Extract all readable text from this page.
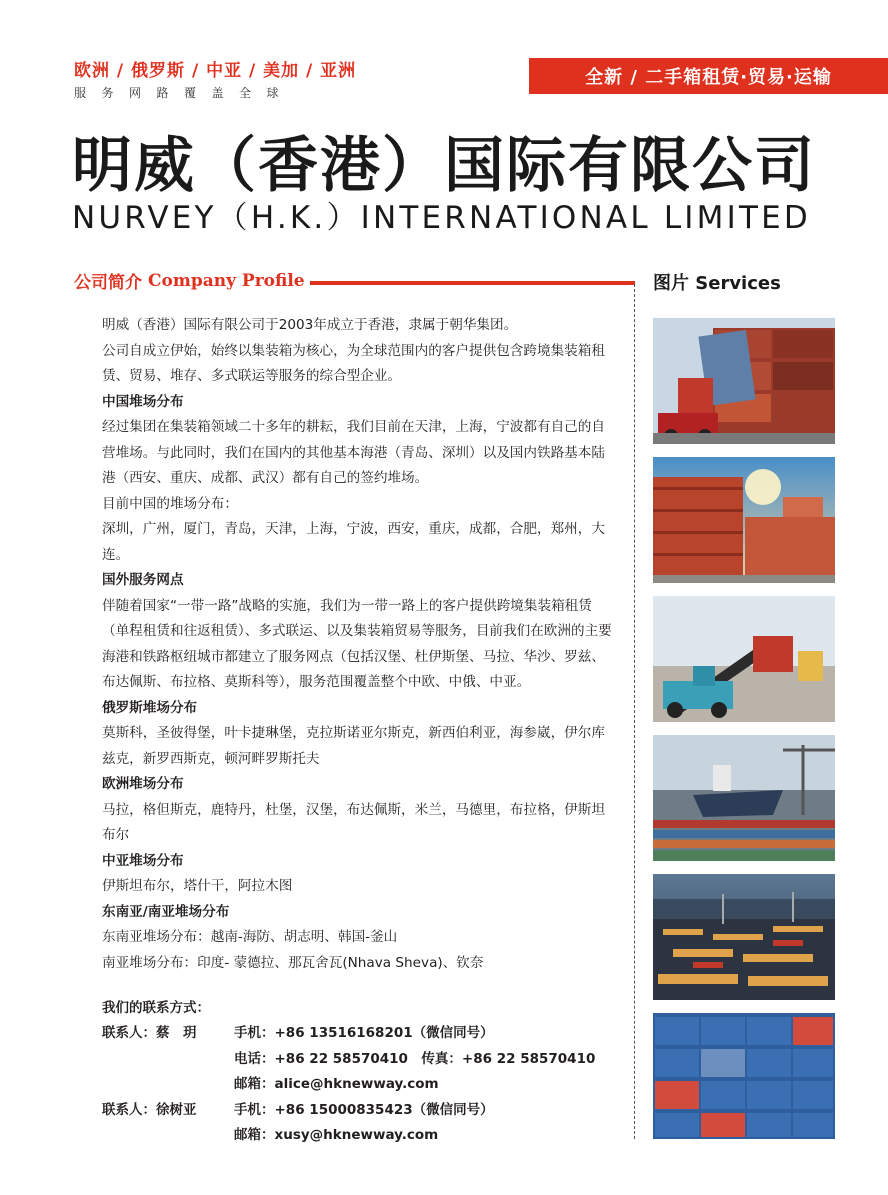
欧洲 / 俄罗斯 / 中亚 / 美加 / 亚洲
服务网路覆盖全球
全新 / 二手箱租赁·贸易·运输
明威（香港）国际有限公司
NURVEY（H.K.）INTERNATIONAL LIMITED
公司简介 Company Profile	图片 Services

明威（香港）国际有限公司于2003年成立于香港，隶属于朝华集团。

公司自成立伊始，始终以集装箱为核心，为全球范围内的客户提供包含跨境集装箱租赁、贸易、堆存、多式联运等服务的综合型企业。

中国堆场分布

经过集团在集装箱领域二十多年的耕耘，我们目前在天津，上海，宁波都有自己的自营堆场。与此同时，我们在国内的其他基本海港（青岛、深圳）以及国内铁路基本陆港（西安、重庆、成都、武汉）都有自己的签约堆场。

目前中国的堆场分布：

深圳，广州，厦门，青岛，天津，上海，宁波，西安，重庆，成都，合肥，郑州，大连。

国外服务网点

伴随着国家“一带一路”战略的实施，我们为一带一路上的客户提供跨境集装箱租赁（单程租赁和往返租赁）、多式联运、以及集装箱贸易等服务，目前我们在欧洲的主要海港和铁路枢纽城市都建立了服务网点（包括汉堡、杜伊斯堡、马拉、华沙、罗兹、布达佩斯、布拉格、莫斯科等），服务范围覆盖整个中欧、中俄、中亚。

俄罗斯堆场分布

莫斯科，圣彼得堡，叶卡捷琳堡，克拉斯诺亚尔斯克，新西伯利亚，海参崴，伊尔库兹克，新罗西斯克，顿河畔罗斯托夫

欧洲堆场分布

马拉，格但斯克，鹿特丹，杜堡，汉堡，布达佩斯，米兰，马德里，布拉格，伊斯坦布尔

中亚堆场分布

伊斯坦布尔，塔什干，阿拉木图

东南亚/南亚堆场分布

东南亚堆场分布：越南-海防、胡志明、韩国-釜山

南亚堆场分布：印度- 蒙德拉、那瓦舍瓦(Nhava Sheva)、钦奈

我们的联系方式：
联系人：蔡　玥	手机：+86 13516168201（微信同号）
电话：+86 22 58570410　传真：+86 22 58570410
邮箱：alice@hknewway.com
联系人：徐树亚	手机：+86 15000835423（微信同号）
邮箱：xusy@hknewway.com
